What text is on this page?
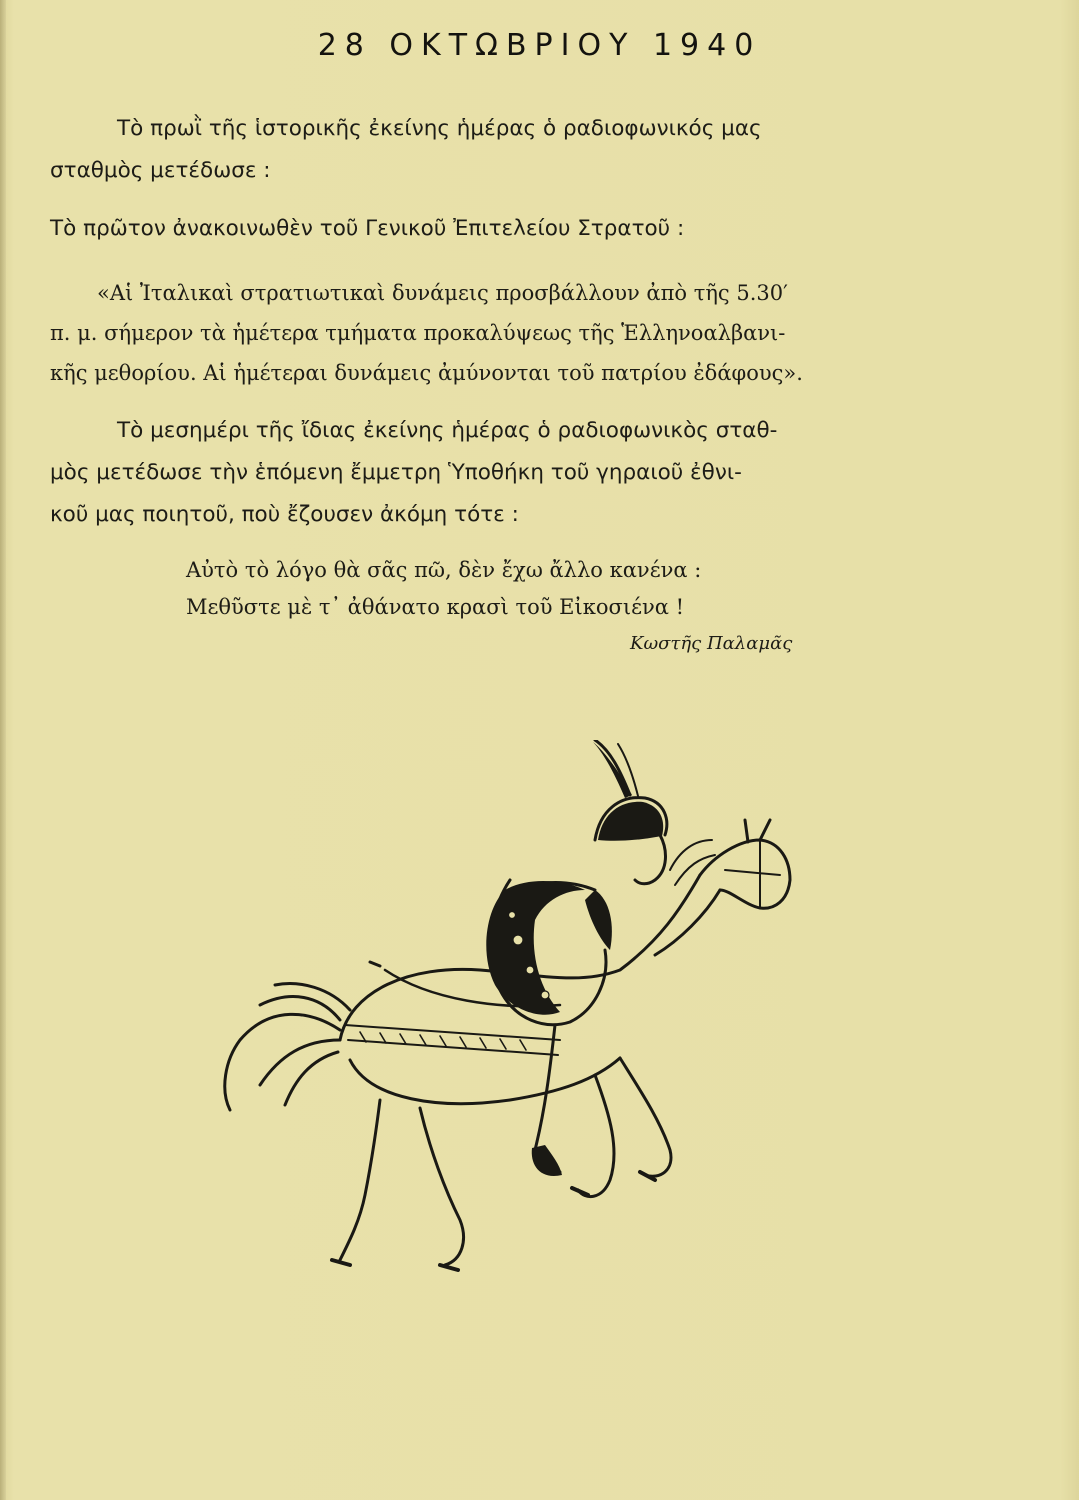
28 ΟΚΤΩΒΡΙΟΥ 1940
Τὸ πρωῒ τῆς ἱστορικῆς ἐκείνης ἡμέρας ὁ ραδιοφωνικός μας
σταθμὸς μετέδωσε :
Τὸ πρῶτον ἀνακοινωθὲν τοῦ Γενικοῦ Ἐπιτελείου Στρατοῦ :
«Αἱ Ἰταλικαὶ στρατιωτικαὶ δυνάμεις προσβάλλουν ἀπὸ τῆς 5.30′
π. μ. σήμερον τὰ ἡμέτερα τμήματα προκαλύψεως τῆς Ἑλληνοαλβανι-
κῆς μεθορίου. Αἱ ἡμέτεραι δυνάμεις ἀμύνονται τοῦ πατρίου ἐδάφους».
Τὸ μεσημέρι τῆς ἴδιας ἐκείνης ἡμέρας ὁ ραδιοφωνικὸς σταθ-
μὸς μετέδωσε τὴν ἑπόμενη ἔμμετρη Ὑποθήκη τοῦ γηραιοῦ ἐθνι-
κοῦ μας ποιητοῦ, ποὺ ἔζουσεν ἀκόμη τότε :
Αὐτὸ τὸ λόγο θὰ σᾶς πῶ, δὲν ἔχω ἄλλο κανένα :
Μεθῦστε μὲ τ᾿ ἀθάνατο κρασὶ τοῦ Εἰκοσιένα !
Κωστῆς Παλαμᾶς
